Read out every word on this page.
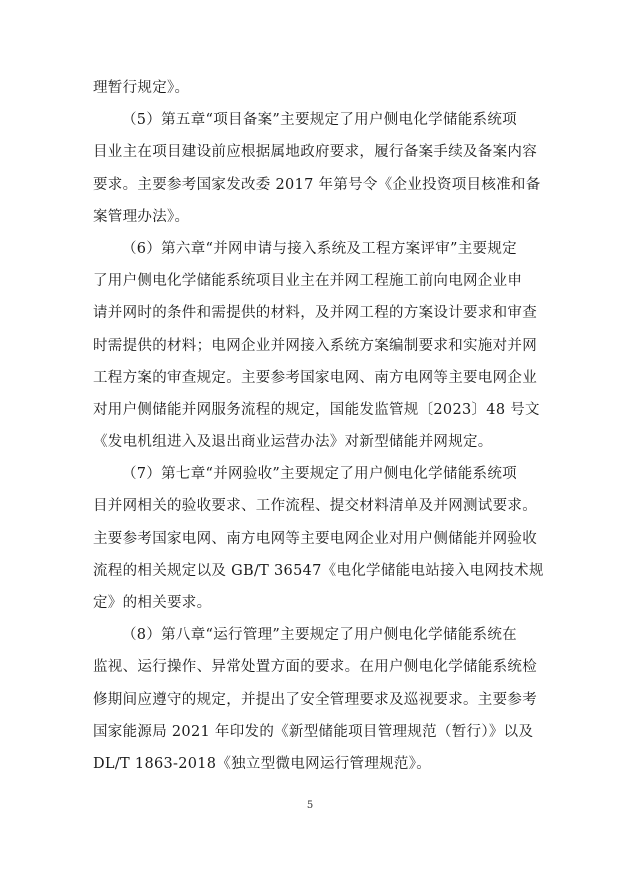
理暂行规定》。
（5）第五章“项目备案”主要规定了用户侧电化学储能系统项
目业主在项目建设前应根据属地政府要求，履行备案手续及备案内容
要求。主要参考国家发改委 2017 年第号令《企业投资项目核准和备
案管理办法》。
（6）第六章“并网申请与接入系统及工程方案评审”主要规定
了用户侧电化学储能系统项目业主在并网工程施工前向电网企业申
请并网时的条件和需提供的材料，及并网工程的方案设计要求和审查
时需提供的材料；电网企业并网接入系统方案编制要求和实施对并网
工程方案的审查规定。主要参考国家电网、南方电网等主要电网企业
对用户侧储能并网服务流程的规定，国能发监管规〔2023〕48 号文
《发电机组进入及退出商业运营办法》对新型储能并网规定。
（7）第七章“并网验收”主要规定了用户侧电化学储能系统项
目并网相关的验收要求、工作流程、提交材料清单及并网测试要求。
主要参考国家电网、南方电网等主要电网企业对用户侧储能并网验收
流程的相关规定以及 GB/T 36547《电化学储能电站接入电网技术规
定》的相关要求。
（8）第八章“运行管理”主要规定了用户侧电化学储能系统在
监视、运行操作、异常处置方面的要求。在用户侧电化学储能系统检
修期间应遵守的规定，并提出了安全管理要求及巡视要求。主要参考
国家能源局 2021 年印发的《新型储能项目管理规范（暂行）》以及
DL/T 1863-2018《独立型微电网运行管理规范》。
5
